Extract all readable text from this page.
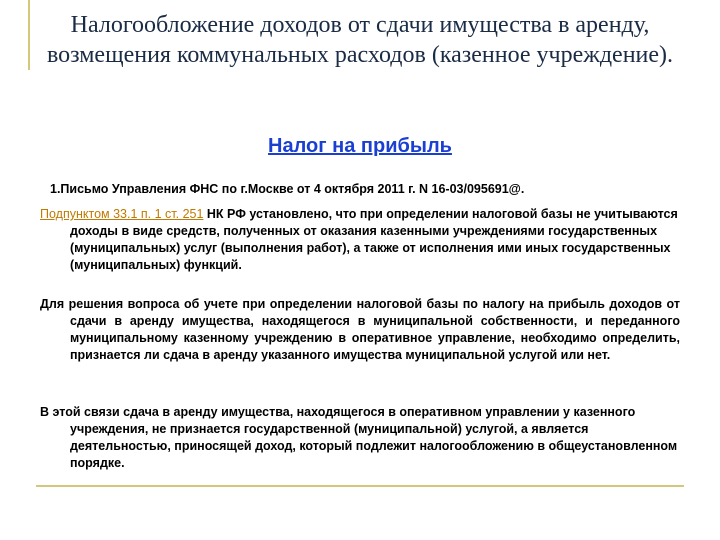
Налогообложение доходов от сдачи имущества в аренду, возмещения коммунальных расходов (казенное учреждение).
Налог на прибыль
1.Письмо Управления ФНС по г.Москве от 4 октября 2011 г. N 16-03/095691@.
Подпунктом 33.1 п. 1 ст. 251 НК РФ установлено, что при определении налоговой базы не учитываются доходы в виде средств, полученных от оказания казенными учреждениями государственных (муниципальных) услуг (выполнения работ), а также от исполнения ими иных государственных (муниципальных) функций.
Для решения вопроса об учете при определении налоговой базы по налогу на прибыль доходов от сдачи в аренду имущества, находящегося в муниципальной собственности, и переданного муниципальному казенному учреждению в оперативное управление, необходимо определить, признается ли сдача в аренду указанного имущества муниципальной услугой или нет.
В этой связи сдача в аренду имущества, находящегося в оперативном управлении у казенного учреждения, не признается государственной (муниципальной) услугой, а является деятельностью, приносящей доход, который подлежит налогообложению в общеустановленном порядке.
